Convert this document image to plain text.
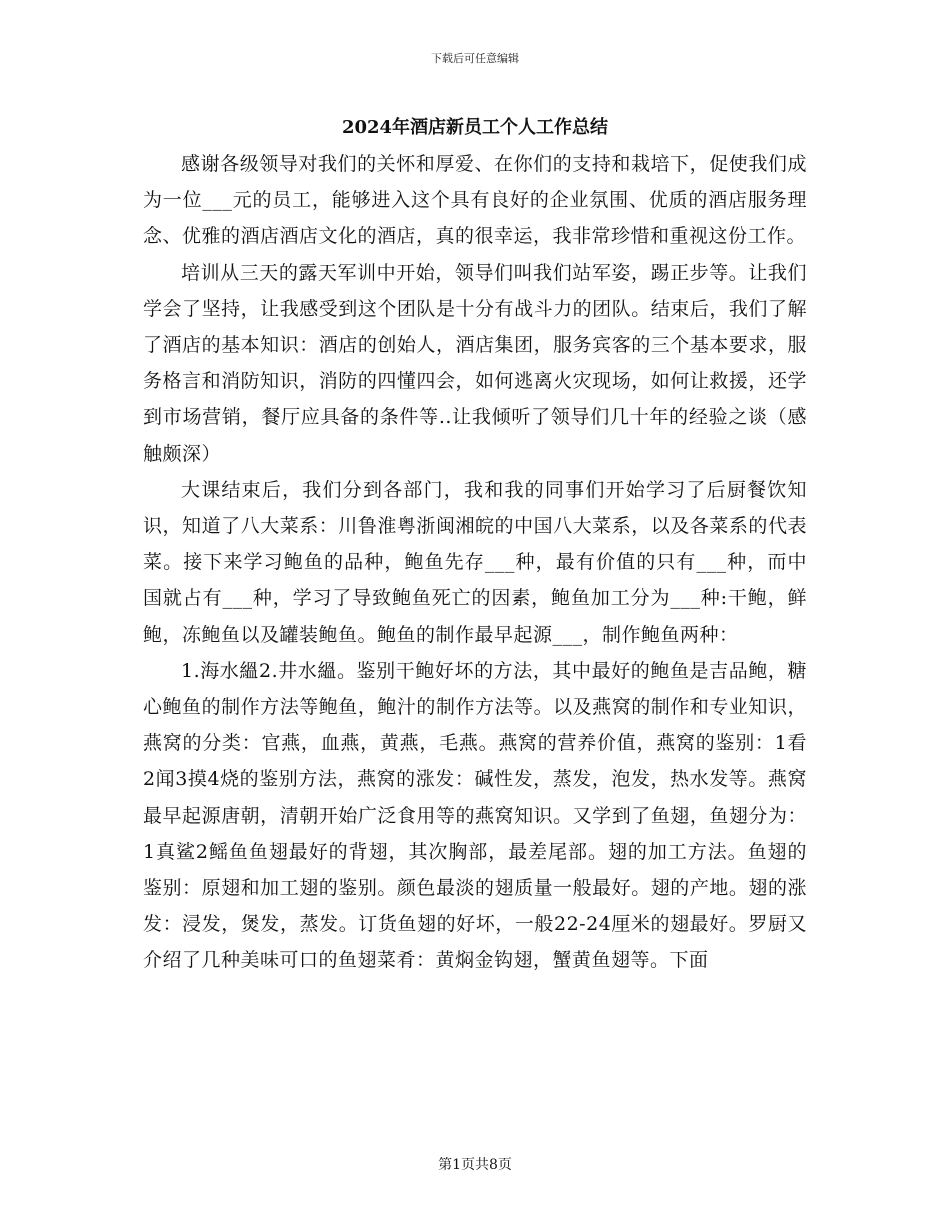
下载后可任意编辑
2024年酒店新员工个人工作总结

感谢各级领导对我们的关怀和厚爱、在你们的支持和栽培下，促使我们成为一位___元的员工，能够进入这个具有良好的企业氛围、优质的酒店服务理念、优雅的酒店酒店文化的酒店，真的很幸运，我非常珍惜和重视这份工作。

培训从三天的露天军训中开始，领导们叫我们站军姿，踢正步等。让我们学会了坚持，让我感受到这个团队是十分有战斗力的团队。结束后，我们了解了酒店的基本知识：酒店的创始人，酒店集团，服务宾客的三个基本要求，服务格言和消防知识，消防的四懂四会，如何逃离火灾现场，如何让救援，还学到市场营销，餐厅应具备的条件等..让我倾听了领导们几十年的经验之谈（感触颇深）

大课结束后，我们分到各部门，我和我的同事们开始学习了后厨餐饮知识，知道了八大菜系：川鲁淮粤浙闽湘皖的中国八大菜系，以及各菜系的代表菜。接下来学习鲍鱼的品种，鲍鱼先存___种，最有价值的只有___种，而中国就占有___种，学习了导致鲍鱼死亡的因素，鲍鱼加工分为___种:干鲍，鲜鲍，冻鲍鱼以及罐装鲍鱼。鲍鱼的制作最早起源___，制作鲍鱼两种：

1.海水縕2.井水縕。鉴别干鲍好坏的方法，其中最好的鲍鱼是吉品鲍，糖心鲍鱼的制作方法等鲍鱼，鲍汁的制作方法等。以及燕窝的制作和专业知识，燕窝的分类：官燕，血燕，黄燕，毛燕。燕窝的营养价值，燕窝的鉴别：1看2闻3摸4烧的鉴别方法，燕窝的涨发：碱性发，蒸发，泡发，热水发等。燕窝最早起源唐朝，清朝开始广泛食用等的燕窝知识。又学到了鱼翅，鱼翅分为：1真鲨2鳐鱼鱼翅最好的背翅，其次胸部，最差尾部。翅的加工方法。鱼翅的鉴别：原翅和加工翅的鉴别。颜色最淡的翅质量一般最好。翅的产地。翅的涨发：浸发，煲发，蒸发。订货鱼翅的好坏，一般22-24厘米的翅最好。罗厨又介绍了几种美味可口的鱼翅菜肴：黄焖金钩翅，蟹黄鱼翅等。下面

第1页共8页
